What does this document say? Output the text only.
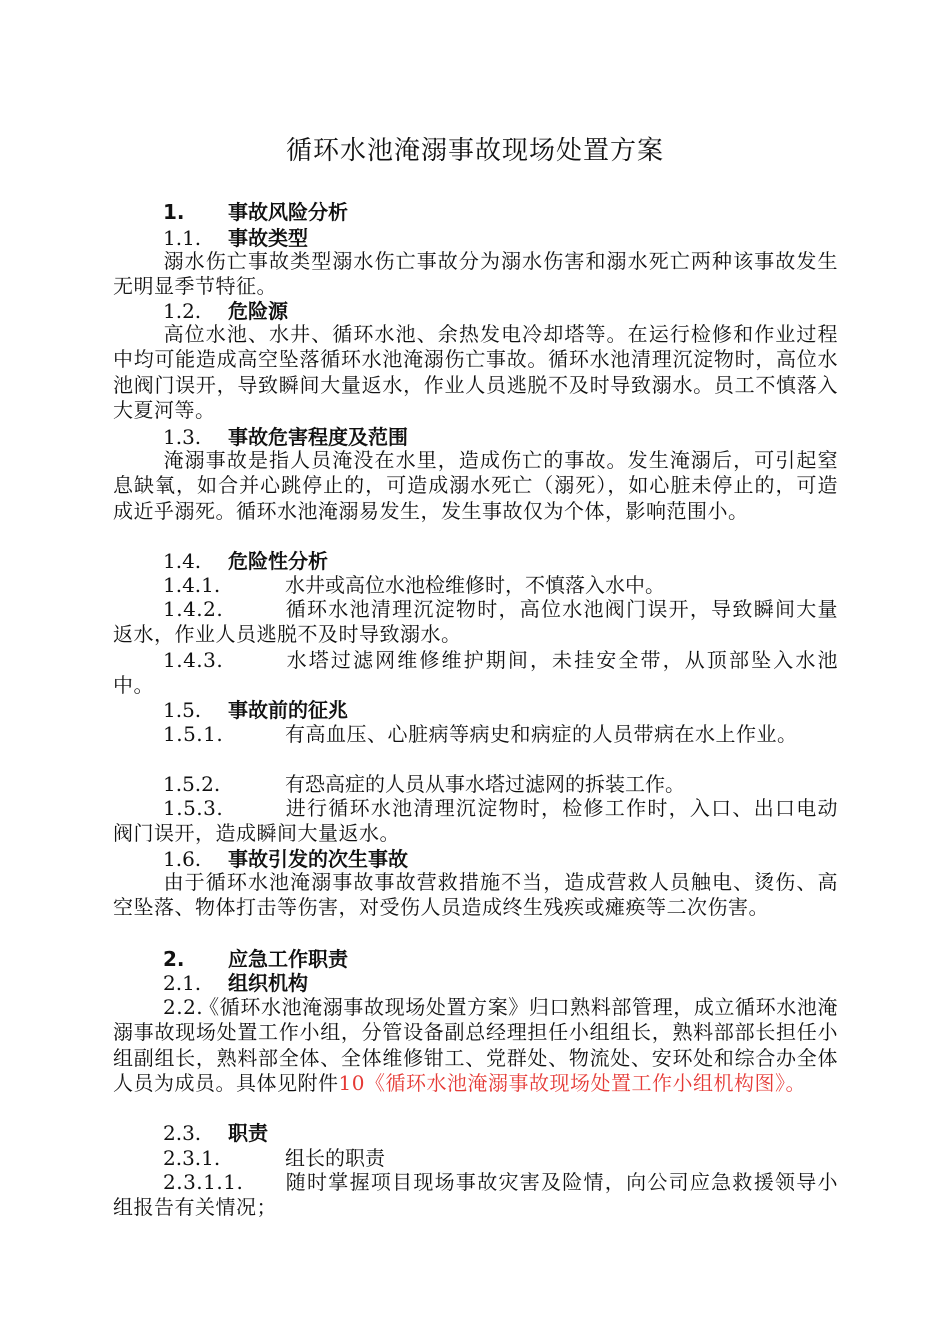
循环水池淹溺事故现场处置方案
1. 事故风险分析
1.1. 事故类型
溺水伤亡事故类型溺水伤亡事故分为溺水伤害和溺水死亡两种该事故发生无明显季节特征。
1.2. 危险源
高位水池、水井、循环水池、余热发电冷却塔等。在运行检修和作业过程中均可能造成高空坠落循环水池淹溺伤亡事故。循环水池清理沉淀物时，高位水池阀门误开，导致瞬间大量返水，作业人员逃脱不及时导致溺水。员工不慎落入大夏河等。
1.3. 事故危害程度及范围
淹溺事故是指人员淹没在水里，造成伤亡的事故。发生淹溺后，可引起窒息缺氧，如合并心跳停止的，可造成溺水死亡（溺死），如心脏未停止的，可造成近乎溺死。循环水池淹溺易发生，发生事故仅为个体，影响范围小。
1.4. 危险性分析
1.4.1.	水井或高位水池检维修时，不慎落入水中。
1.4.2.	循环水池清理沉淀物时，高位水池阀门误开，导致瞬间大量返水，作业人员逃脱不及时导致溺水。
1.4.3.	水塔过滤网维修维护期间，未挂安全带，从顶部坠入水池中。
1.5. 事故前的征兆
1.5.1.	有高血压、心脏病等病史和病症的人员带病在水上作业。
1.5.2.	有恐高症的人员从事水塔过滤网的拆装工作。
1.5.3.	进行循环水池清理沉淀物时，检修工作时，入口、出口电动阀门误开，造成瞬间大量返水。
1.6. 事故引发的次生事故
由于循环水池淹溺事故事故营救措施不当，造成营救人员触电、烫伤、高空坠落、物体打击等伤害，对受伤人员造成终生残疾或瘫痪等二次伤害。
2. 应急工作职责
2.1. 组织机构
2.2.《循环水池淹溺事故现场处置方案》归口熟料部管理，成立循环水池淹溺事故现场处置工作小组，分管设备副总经理担任小组组长，熟料部部长担任小组副组长，熟料部全体、全体维修钳工、党群处、物流处、安环处和综合办全体人员为成员。具体见附件10《循环水池淹溺事故现场处置工作小组机构图》。
2.3. 职责
2.3.1.	组长的职责
2.3.1.1. 随时掌握项目现场事故灾害及险情，向公司应急救援领导小组报告有关情况；
